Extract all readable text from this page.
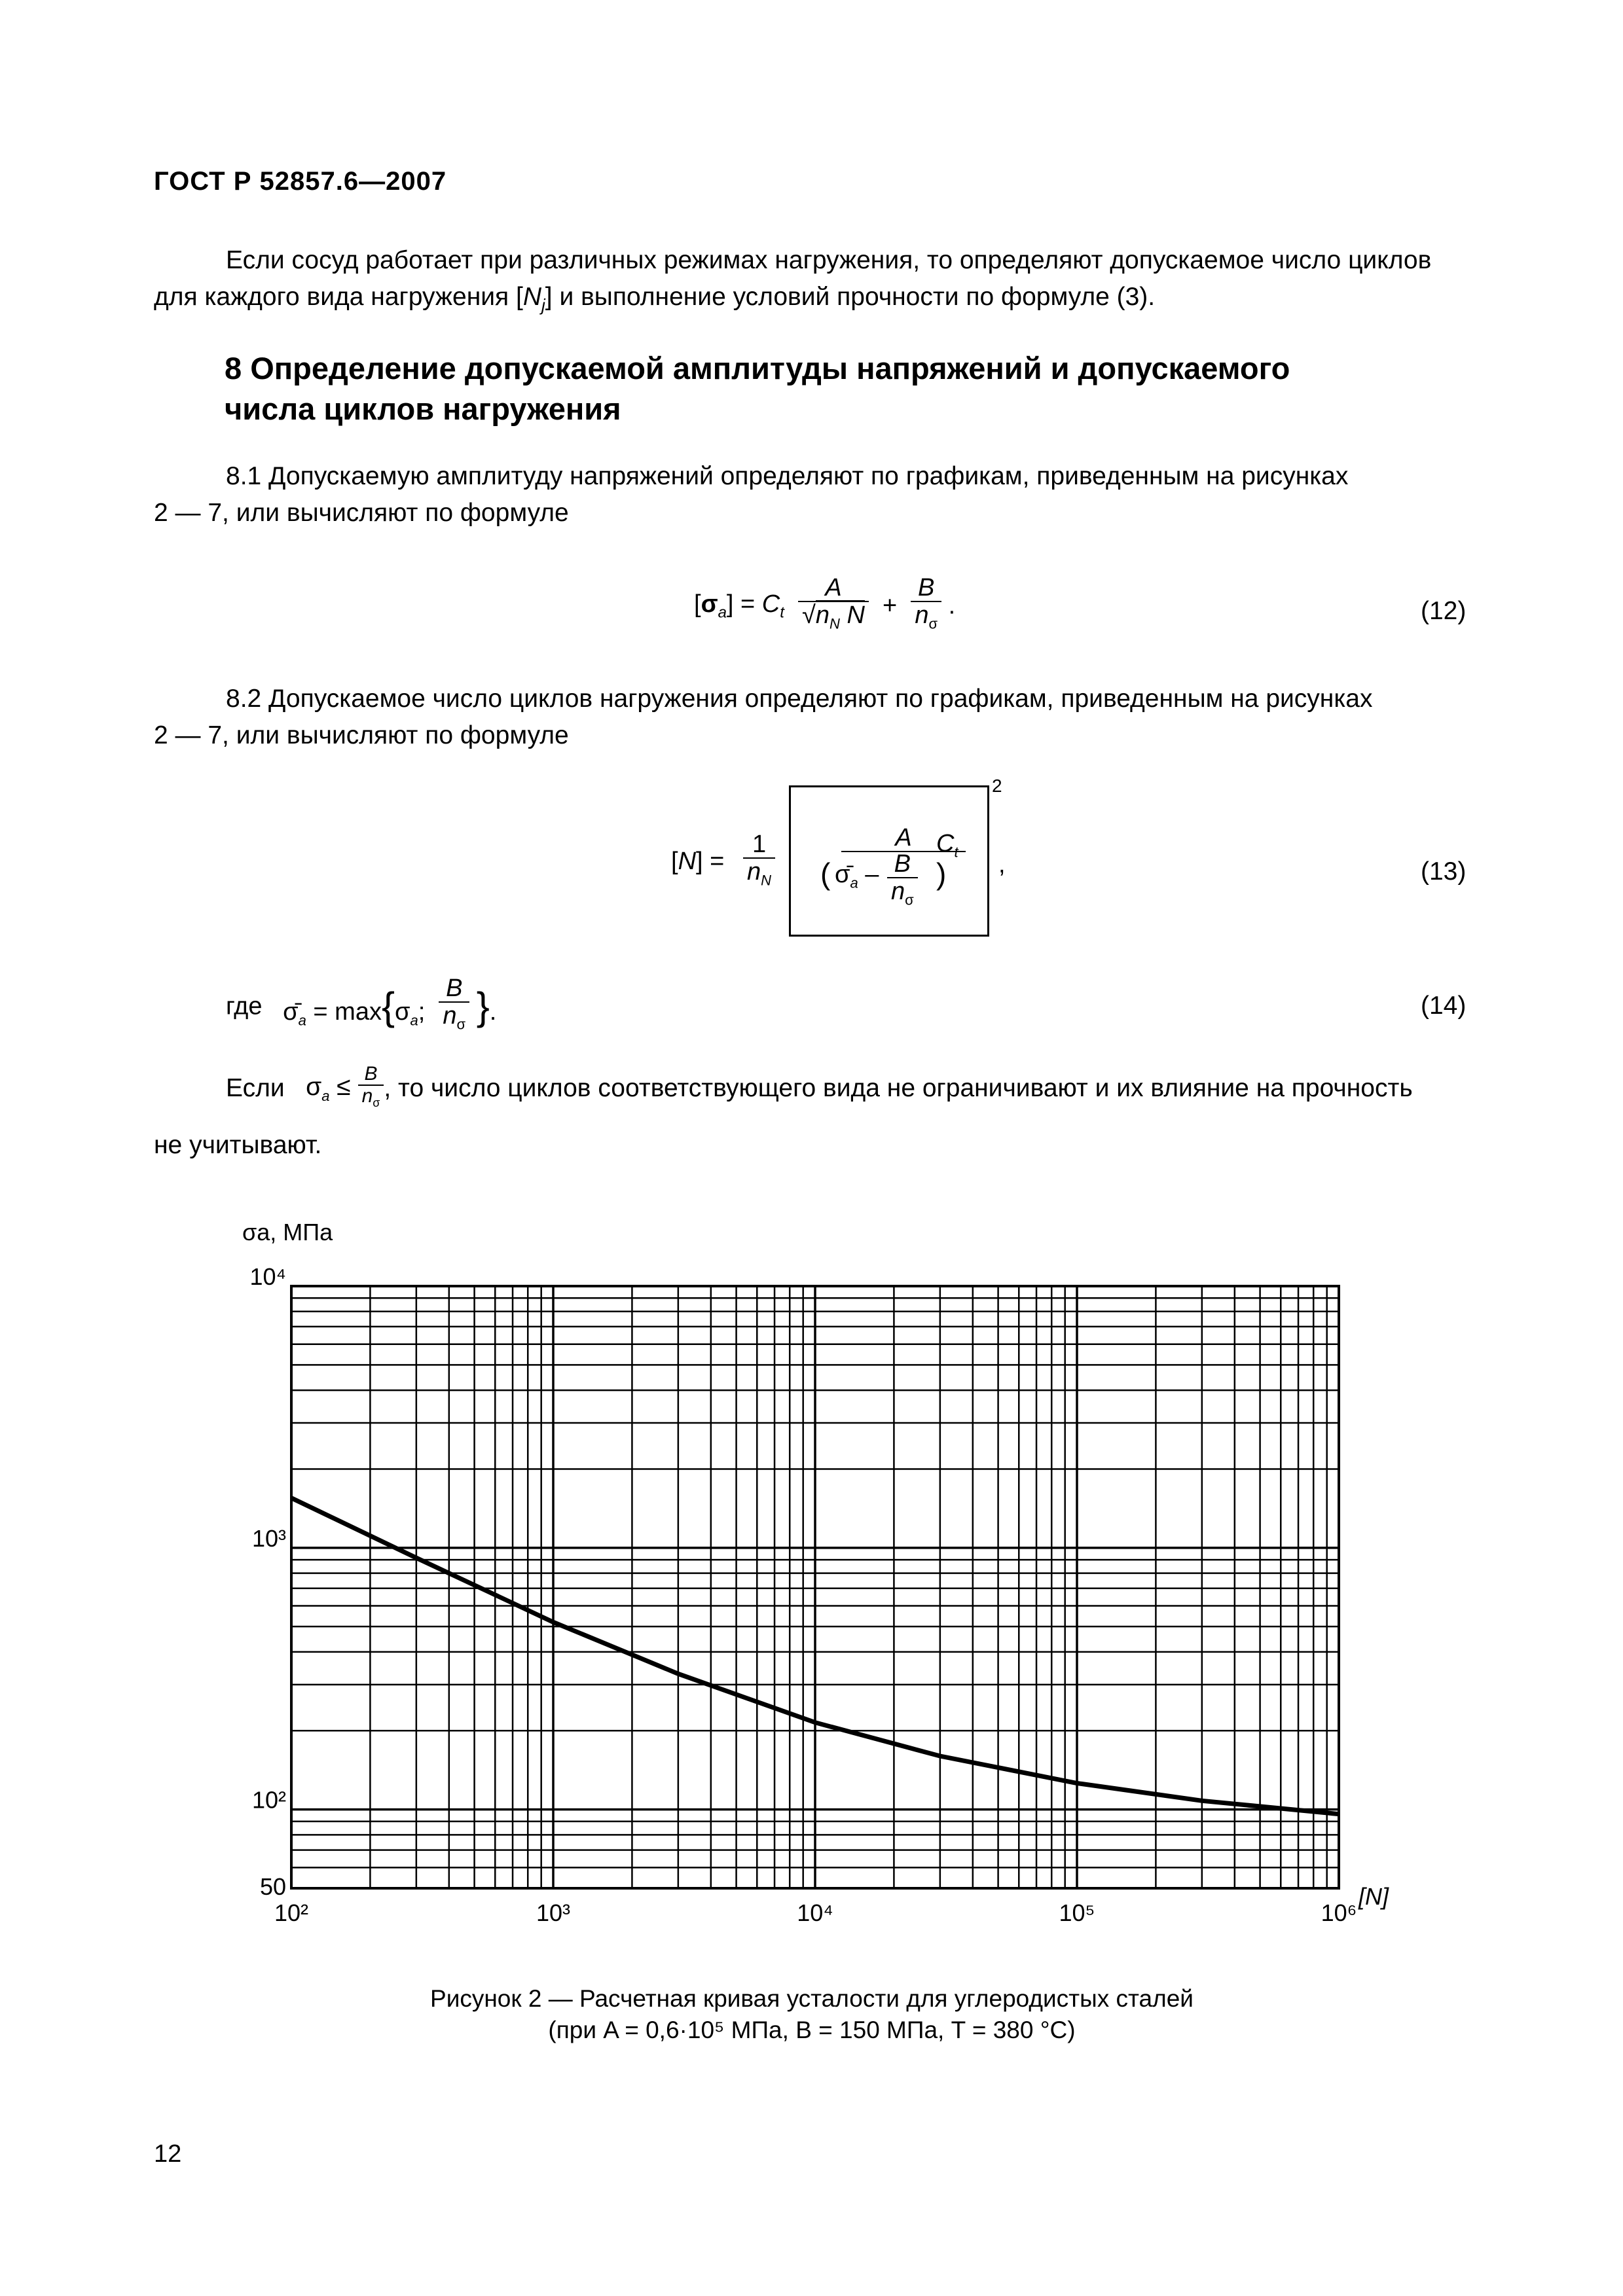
ГОСТ Р 52857.6—2007
Если сосуд работает при различных режимах нагружения, то определяют допускаемое число циклов
для каждого вида нагружения $[N_j]$ и выполнение условий прочности по формуле (3).
8 Определение допускаемой амплитуды напряжений и допускаемого
числа циклов нагружения
8.1 Допускаемую амплитуду напряжений определяют по графикам, приведенным на рисунках
2 — 7, или вычисляют по формуле
$[\sigma_a] = C_t \frac{A}{√n_N N} + \frac{B}{n_\sigma}$ .	(12)
8.2 Допускаемое число циклов нагружения определяют по графикам, приведенным на рисунках
2 — 7, или вычисляют по формуле
[N] =
1
$n_N$
A
( $\sigmā_a$ – B
$n_\sigma$
)
$C_t$
2
,	(13)
где   $\sigmā_a = \max\{\sigma_a$; $\frac{B}{n_\sigma}$ }.	(14)
Если   $\sigma_a \le \frac{B}{n_\sigma}$ , то число циклов соответствующего вида не ограничивают и их влияние на прочность
не учитывают.
10²	10³	10⁴	10⁵	10⁶
50
10²
10³
10⁴
σa, МПа
[N]
Рисунок 2 — Расчетная кривая усталости для углеродистых сталей
(при A = 0,6·10⁵ МПа, B = 150 МПа, T = 380 °С)
12
